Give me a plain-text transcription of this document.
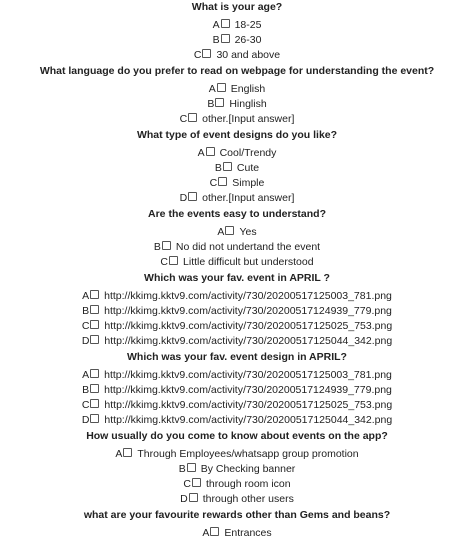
What is your age?
A 18-25
B 26-30
C 30 and above
What language do you prefer to read on webpage for understanding the event?
A English
B Hinglish
C other.[Input answer]
What type of event designs do you like?
A Cool/Trendy
B Cute
C Simple
D other.[Input answer]
Are the events easy to understand?
A Yes
B No did not undertand the event
C Little difficult but understood
Which was your fav. event in APRIL ?
A http://kkimg.kktv9.com/activity/730/20200517125003_781.png
B http://kkimg.kktv9.com/activity/730/20200517124939_779.png
C http://kkimg.kktv9.com/activity/730/20200517125025_753.png
D http://kkimg.kktv9.com/activity/730/20200517125044_342.png
Which was your fav. event design in APRIL?
A http://kkimg.kktv9.com/activity/730/20200517125003_781.png
B http://kkimg.kktv9.com/activity/730/20200517124939_779.png
C http://kkimg.kktv9.com/activity/730/20200517125025_753.png
D http://kkimg.kktv9.com/activity/730/20200517125044_342.png
How usually do you come to know about events on the app?
A Through Employees/whatsapp group promotion
B By Checking banner
C through room icon
D through other users
what are your favourite rewards other than Gems and beans?
A Entrances
